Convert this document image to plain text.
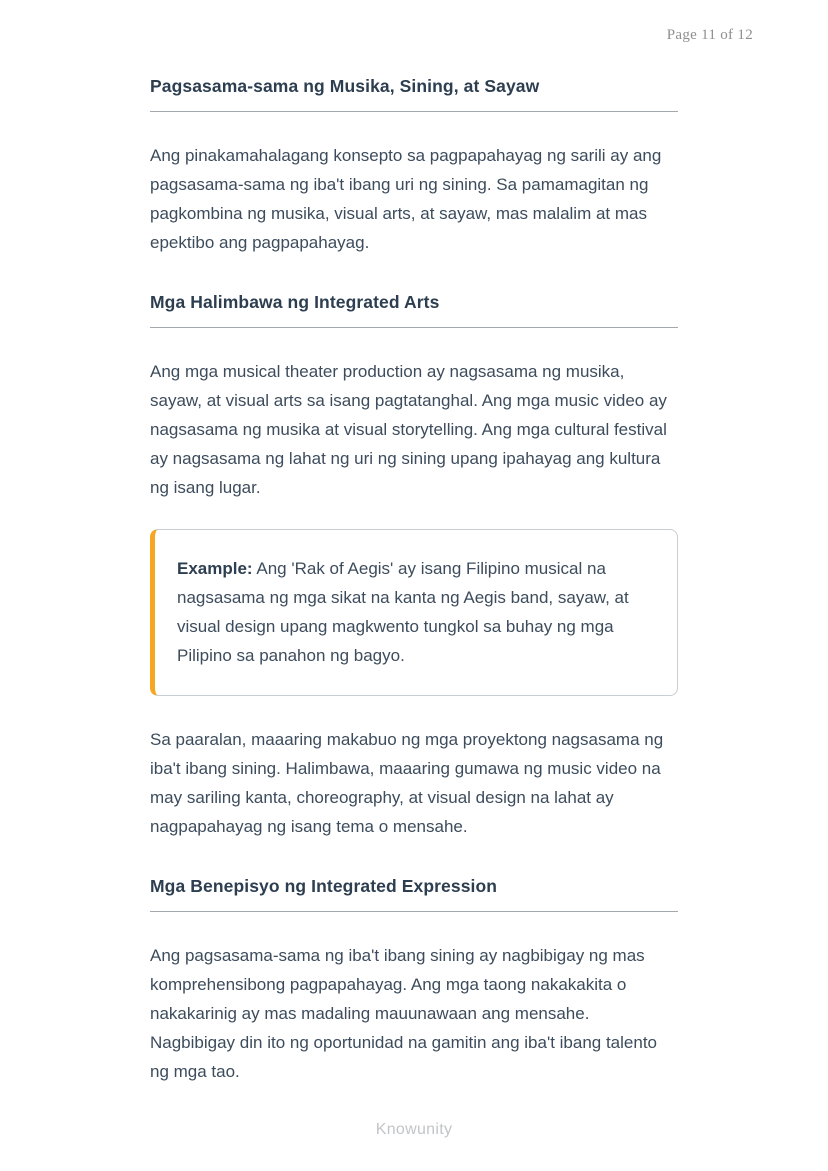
Page 11 of 12
Pagsasama-sama ng Musika, Sining, at Sayaw

Ang pinakamahalagang konsepto sa pagpapahayag ng sarili ay ang pagsasama-sama ng iba't ibang uri ng sining. Sa pamamagitan ng pagkombina ng musika, visual arts, at sayaw, mas malalim at mas epektibo ang pagpapahayag.

Mga Halimbawa ng Integrated Arts

Ang mga musical theater production ay nagsasama ng musika, sayaw, at visual arts sa isang pagtatanghal. Ang mga music video ay nagsasama ng musika at visual storytelling. Ang mga cultural festival ay nagsasama ng lahat ng uri ng sining upang ipahayag ang kultura ng isang lugar.

Example: Ang 'Rak of Aegis' ay isang Filipino musical na nagsasama ng mga sikat na kanta ng Aegis band, sayaw, at visual design upang magkwento tungkol sa buhay ng mga Pilipino sa panahon ng bagyo.

Sa paaralan, maaaring makabuo ng mga proyektong nagsasama ng iba't ibang sining. Halimbawa, maaaring gumawa ng music video na may sariling kanta, choreography, at visual design na lahat ay nagpapahayag ng isang tema o mensahe.

Mga Benepisyo ng Integrated Expression

Ang pagsasama-sama ng iba't ibang sining ay nagbibigay ng mas komprehensibong pagpapahayag. Ang mga taong nakakakita o nakakarinig ay mas madaling mauunawaan ang mensahe. Nagbibigay din ito ng oportunidad na gamitin ang iba't ibang talento ng mga tao.

Knowunity
